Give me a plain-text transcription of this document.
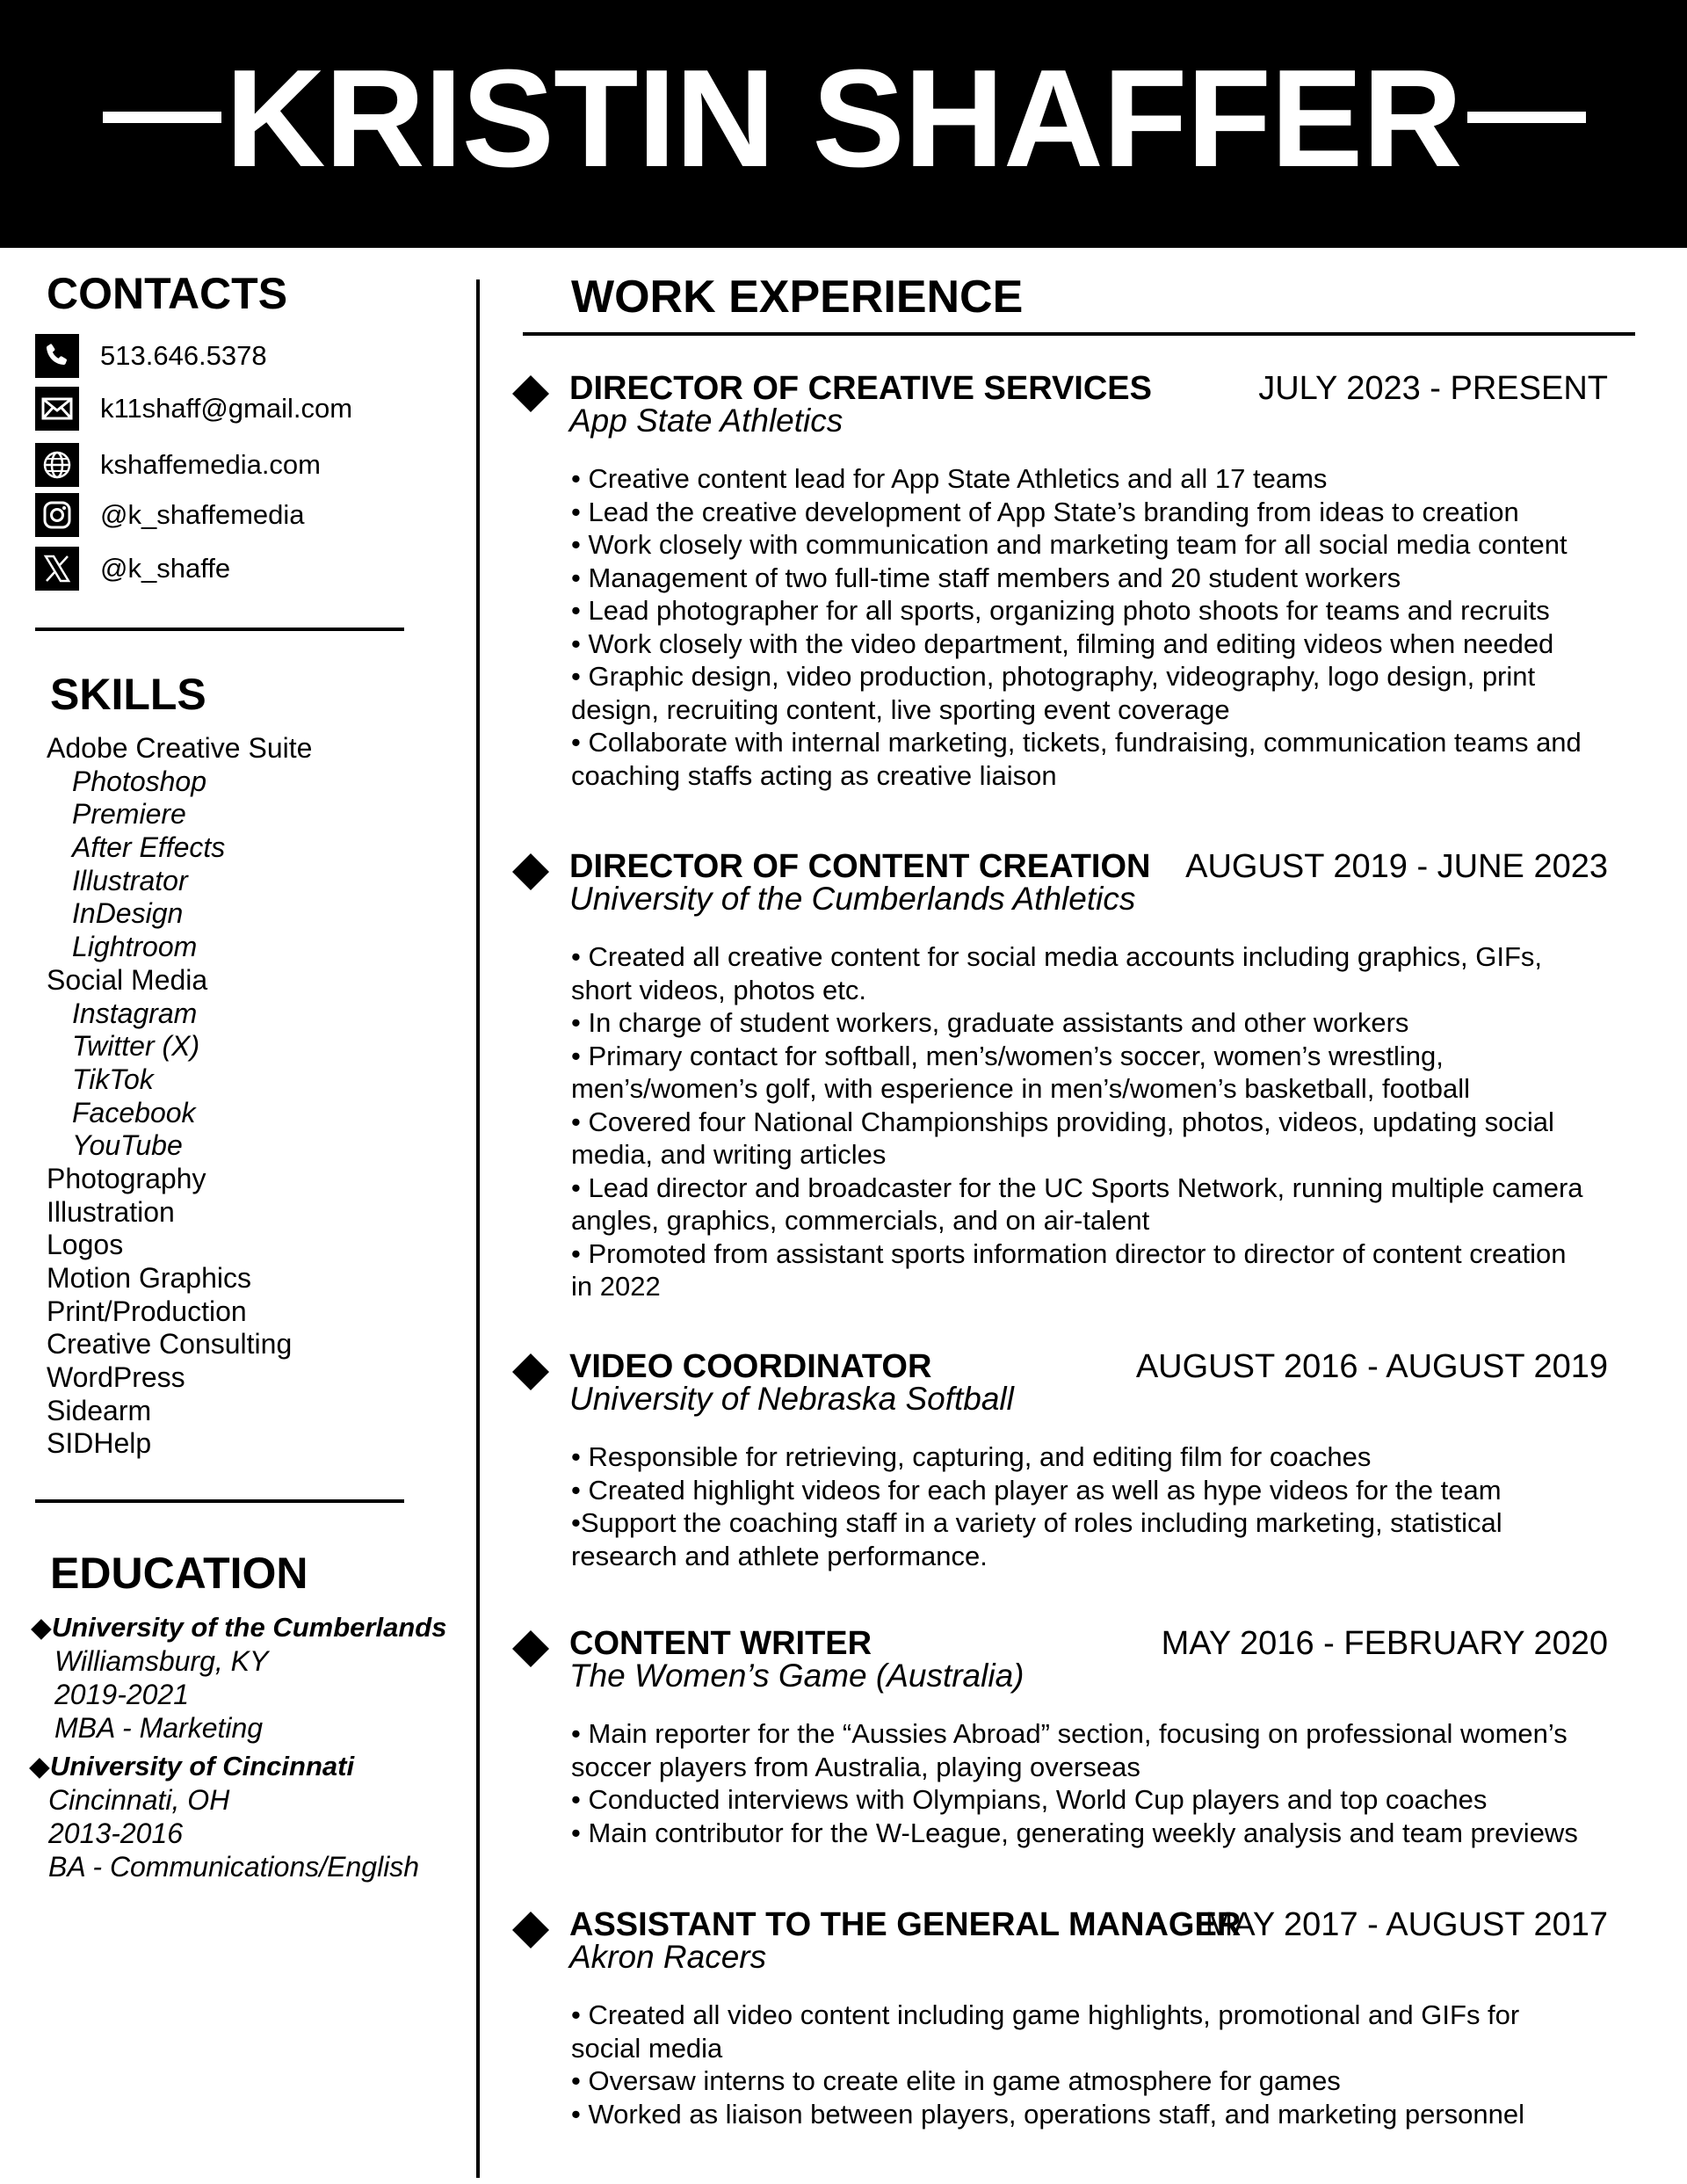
KRISTIN SHAFFER
CONTACTS
513.646.5378
k11shaff@gmail.com
kshaffemedia.com
@k_shaffemedia
@k_shaffe
SKILLS
Adobe Creative Suite
Photoshop
Premiere
After Effects
Illustrator
InDesign
Lightroom
Social Media
Instagram
Twitter (X)
TikTok
Facebook
YouTube
Photography
Illustration
Logos
Motion Graphics
Print/Production
Creative Consulting
WordPress
Sidearm
SIDHelp
EDUCATION
◆University of the Cumberlands
Williamsburg, KY
2019-2021
MBA - Marketing
◆University of Cincinnati
Cincinnati, OH
2013-2016
BA - Communications/English
WORK EXPERIENCE
DIRECTOR OF CREATIVE SERVICES	JULY 2023 - PRESENT
App State Athletics

• Creative content lead for App State Athletics and all 17 teams

• Lead the creative development of App State’s branding from ideas to creation

• Work closely with communication and marketing team for all social media content

• Management of two full-time staff members and 20 student workers

• Lead photographer for all sports, organizing photo shoots for teams and recruits

• Work closely with the video department, filming and editing videos when needed

• Graphic design, video production, photography, videography, logo design, print design, recruiting content, live sporting event coverage

• Collaborate with internal marketing, tickets, fundraising, communication teams and coaching staffs acting as creative liaison

DIRECTOR OF CONTENT CREATION AUGUST 2019 - JUNE 2023
University of the Cumberlands Athletics

• Created all creative content for social media accounts including graphics, GIFs, short videos, photos etc.

• In charge of student workers, graduate assistants and other workers

• Primary contact for softball, men’s/women’s soccer, women’s wrestling, men’s/women’s golf, with esperience in men’s/women’s basketball, football

• Covered four National Championships providing, photos, videos, updating social media, and writing articles

• Lead director and broadcaster for the UC Sports Network, running multiple camera angles, graphics, commercials, and on air-talent

• Promoted from assistant sports information director to director of content creation in 2022

VIDEO COORDINATOR	AUGUST 2016 - AUGUST 2019
University of Nebraska Softball

• Responsible for retrieving, capturing, and editing film for coaches

• Created highlight videos for each player as well as hype videos for the team

•Support the coaching staff in a variety of roles including marketing, statistical research and athlete performance.

CONTENT WRITER	MAY 2016 - FEBRUARY 2020
The Women’s Game (Australia)

• Main reporter for the “Aussies Abroad” section, focusing on professional women’s soccer players from Australia, playing overseas

• Conducted interviews with Olympians, World Cup players and top coaches

• Main contributor for the W-League, generating weekly analysis and team previews

ASSISTANT TO THE GENERAL MANAGER
MAY 2017 - AUGUST 2017
Akron Racers

• Created all video content including game highlights, promotional and GIFs for social media

• Oversaw interns to create elite in game atmosphere for games

• Worked as liaison between players, operations staff, and marketing personnel
